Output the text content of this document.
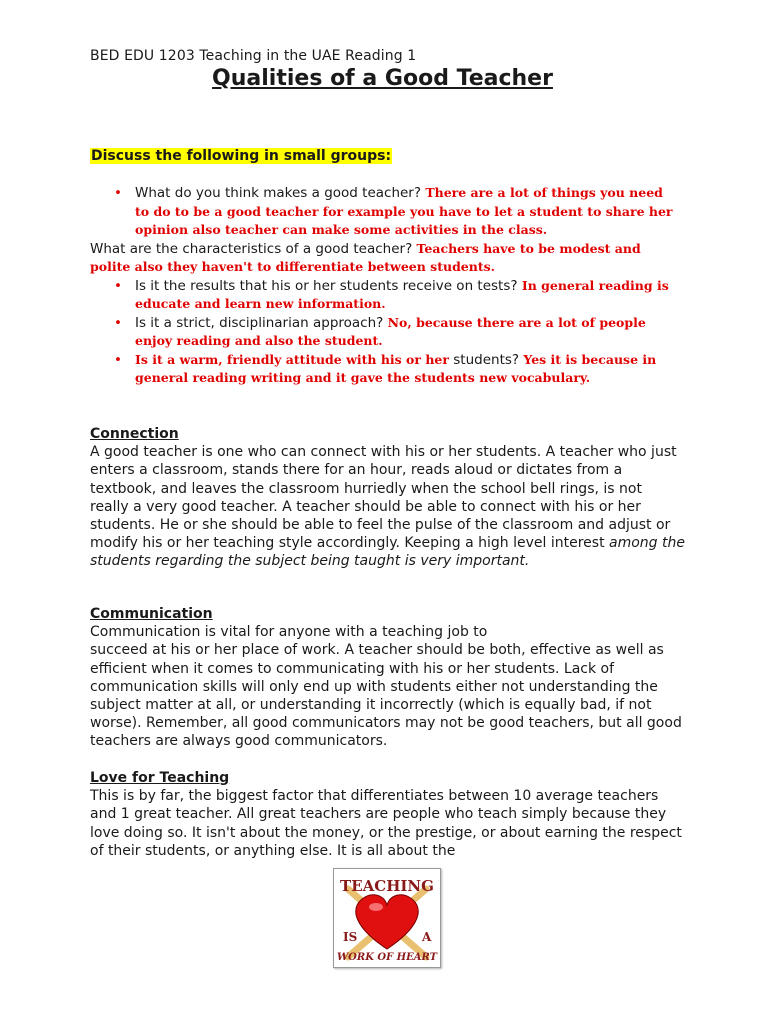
BED EDU 1203 Teaching in the UAE Reading 1
Qualities of a Good Teacher
Discuss the following in small groups:
• What do you think makes a good teacher? There are a lot of things you need to do to be a good teacher for example you have to let a student to share her opinion also teacher can make some activities in the class.
What are the characteristics of a good teacher? Teachers have to be modest and polite also they haven't to differentiate between students.
• Is it the results that his or her students receive on tests? In general reading is educate and learn new information.
• Is it a strict, disciplinarian approach? No, because there are a lot of people enjoy reading and also the student.
• Is it a warm, friendly attitude with his or her students? Yes it is because in general reading writing and it gave the students new vocabulary.
Connection

A good teacher is one who can connect with his or her students. A teacher who just enters a classroom, stands there for an hour, reads aloud or dictates from a textbook, and leaves the classroom hurriedly when the school bell rings, is not really a very good teacher. A teacher should be able to connect with his or her students. He or she should be able to feel the pulse of the classroom and adjust or modify his or her teaching style accordingly. Keeping a high level interest among the students regarding the subject being taught is very important.

Communication

Communication is vital for anyone with a teaching job to
succeed at his or her place of work. A teacher should be both, effective as well as efficient when it comes to communicating with his or her students. Lack of communication skills will only end up with students either not understanding the subject matter at all, or understanding it incorrectly (which is equally bad, if not worse). Remember, all good communicators may not be good teachers, but all good teachers are always good communicators.

Love for Teaching

This is by far, the biggest factor that differentiates between 10 average teachers and 1 great teacher. All great teachers are people who teach simply because they love doing so. It isn't about the money, or the prestige, or about earning the respect of their students, or anything else. It is all about the

TEACHING
IS	A
WORK OF HEART
